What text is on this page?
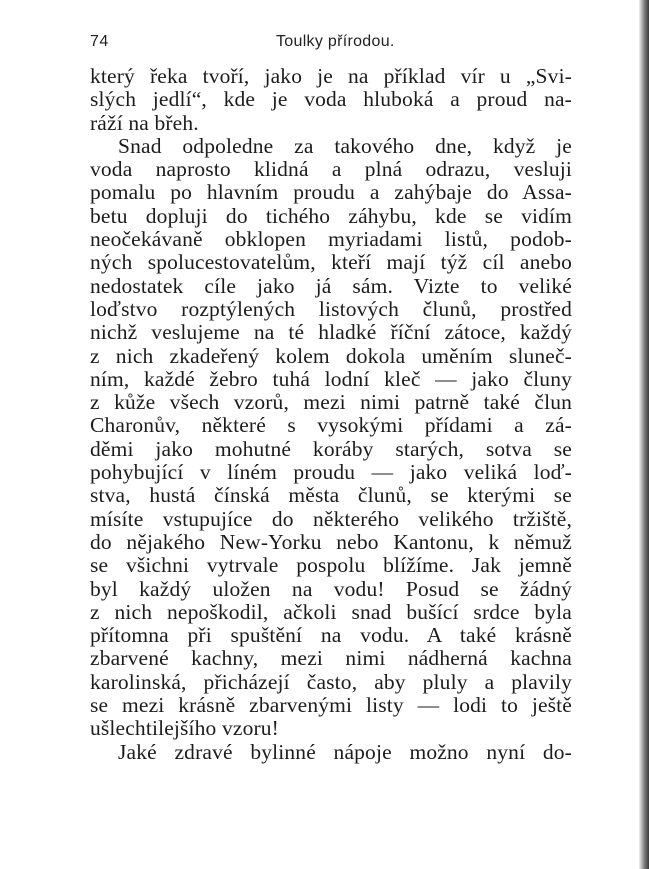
74	Toulky přírodou.
který řeka tvoří, jako je na příklad vír u „Svi-
slých jedlí“, kde je voda hluboká a proud na-
ráží na břeh.
Snad odpoledne za takového dne, když je
voda naprosto klidná a plná odrazu, vesluji
pomalu po hlavním proudu a zahýbaje do Assa-
betu dopluji do tichého záhybu, kde se vidím
neočekávaně obklopen myriadami listů, podob-
ných spolucestovatelům, kteří mají týž cíl anebo
nedostatek cíle jako já sám. Vizte to veliké
loďstvo rozptýlených listových člunů, prostřed
nichž veslujeme na té hladké říční zátoce, každý
z nich zkadeřený kolem dokola uměním sluneč-
ním, každé žebro tuhá lodní kleč — jako čluny
z kůže všech vzorů, mezi nimi patrně také člun
Charonův, některé s vysokými přídami a zá-
děmi jako mohutné koráby starých, sotva se
pohybující v líném proudu — jako veliká loď-
stva, hustá čínská města člunů, se kterými se
mísíte vstupujíce do některého velikého tržiště,
do nějakého New-Yorku nebo Kantonu, k němuž
se všichni vytrvale pospolu blížíme. Jak jemně
byl každý uložen na vodu! Posud se žádný
z nich nepoškodil, ačkoli snad bušící srdce byla
přítomna při spuštění na vodu. A také krásně
zbarvené kachny, mezi nimi nádherná kachna
karolinská, přicházejí často, aby pluly a plavily
se mezi krásně zbarvenými listy — lodi to ještě
ušlechtilejšího vzoru!
Jaké zdravé bylinné nápoje možno nyní do-
